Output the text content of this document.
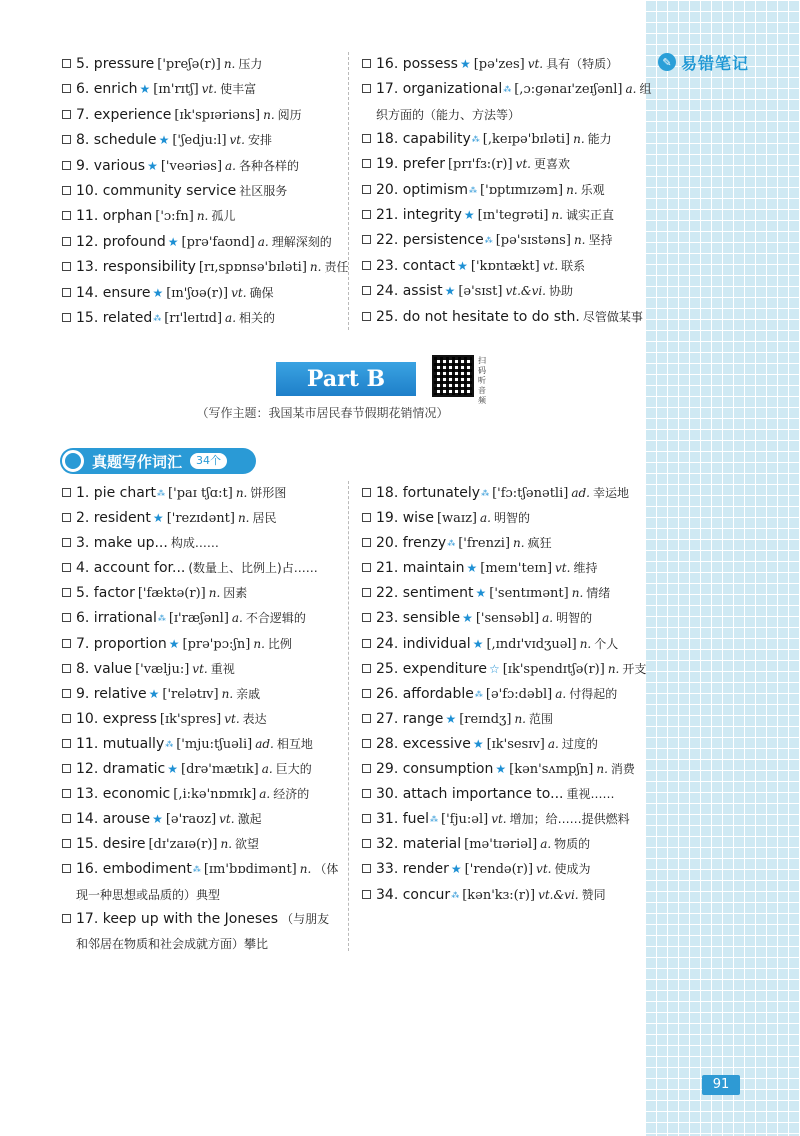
✎ 易错笔记
5. pressure ['preʃə(r)] n. 压力
6. enrich ★ [ɪn'rɪtʃ] vt. 使丰富
7. experience [ɪk'spɪəriəns] n. 阅历
8. schedule ★ ['ʃedju:l] vt. 安排
9. various ★ ['veəriəs] a. 各种各样的
10. community service 社区服务
11. orphan ['ɔ:fn] n. 孤儿
12. profound ★ [prə'faʊnd] a. 理解深刻的
13. responsibility [rɪ,spɒnsə'bɪləti] n. 责任
14. ensure ★ [ɪn'ʃʊə(r)] vt. 确保
15. related⁂ [rɪ'leɪtɪd] a. 相关的
16. possess ★ [pə'zes] vt. 具有（特质）
17. organizational⁂ [,ɔ:gənaɪ'zeɪʃənl] a. 组
织方面的（能力、方法等）
18. capability⁂ [,keɪpə'bɪləti] n. 能力
19. prefer [prɪ'fɜ:(r)] vt. 更喜欢
20. optimism⁂ ['ɒptɪmɪzəm] n. 乐观
21. integrity ★ [ɪn'tegrəti] n. 诚实正直
22. persistence⁂ [pə'sɪstəns] n. 坚持
23. contact ★ ['kɒntækt] vt. 联系
24. assist ★ [ə'sɪst] vt.&vi. 协助
25. do not hesitate to do sth. 尽管做某事
Part B
扫码听音频
（写作主题：我国某市居民春节假期花销情况）
真题写作词汇	34个
1. pie chart⁂ ['paɪ tʃɑ:t] n. 饼形图
2. resident ★ ['rezɪdənt] n. 居民
3. make up... 构成……
4. account for... (数量上、比例上)占……
5. factor ['fæktə(r)] n. 因素
6. irrational⁂ [ɪ'ræʃənl] a. 不合逻辑的
7. proportion ★ [prə'pɔ:ʃn] n. 比例
8. value ['vælju:] vt. 重视
9. relative ★ ['relətɪv] n. 亲戚
10. express [ɪk'spres] vt. 表达
11. mutually⁂ ['mju:tʃuəli] ad. 相互地
12. dramatic ★ [drə'mætɪk] a. 巨大的
13. economic [,i:kə'nɒmɪk] a. 经济的
14. arouse ★ [ə'raʊz] vt. 激起
15. desire [dɪ'zaɪə(r)] n. 欲望
16. embodiment⁂ [ɪm'bɒdimənt] n. （体
现一种思想或品质的）典型
17. keep up with the Joneses （与朋友
和邻居在物质和社会成就方面）攀比
18. fortunately⁂ ['fɔ:tʃənətli] ad. 幸运地
19. wise [waɪz] a. 明智的
20. frenzy⁂ ['frenzi] n. 疯狂
21. maintain ★ [meɪn'teɪn] vt. 维持
22. sentiment ★ ['sentɪmənt] n. 情绪
23. sensible ★ ['sensəbl] a. 明智的
24. individual ★ [,ɪndɪ'vɪdʒuəl] n. 个人
25. expenditure ☆ [ɪk'spendɪtʃə(r)] n. 开支
26. affordable⁂ [ə'fɔ:dəbl] a. 付得起的
27. range ★ [reɪndʒ] n. 范围
28. excessive ★ [ɪk'sesɪv] a. 过度的
29. consumption ★ [kən'sʌmpʃn] n. 消费
30. attach importance to... 重视……
31. fuel⁂ ['fju:əl] vt. 增加；给……提供燃料
32. material [mə'tɪəriəl] a. 物质的
33. render ★ ['rendə(r)] vt. 使成为
34. concur⁂ [kən'kɜ:(r)] vt.&vi. 赞同
91
